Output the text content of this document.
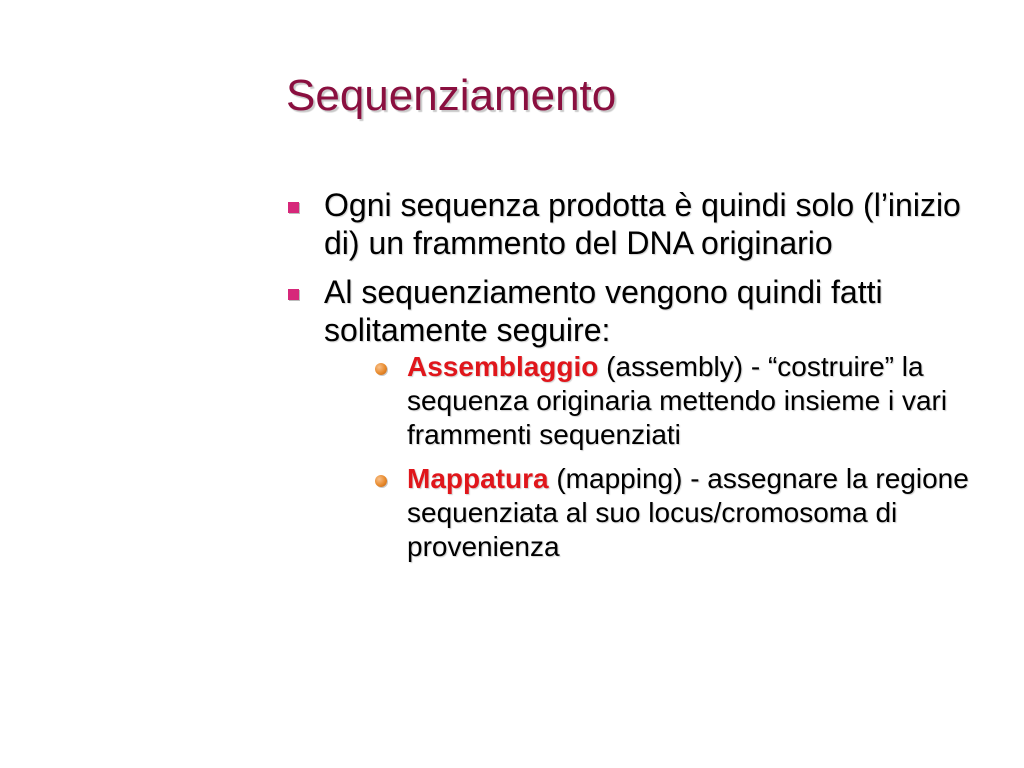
Sequenziamento
Ogni sequenza prodotta è quindi solo (l’inizio di) un frammento del DNA originario
Al sequenziamento vengono quindi fatti solitamente seguire:
Assemblaggio (assembly) - “costruire” la sequenza originaria mettendo insieme i vari frammenti sequenziati
Mappatura (mapping) - assegnare la regione sequenziata al suo locus/cromosoma di provenienza
